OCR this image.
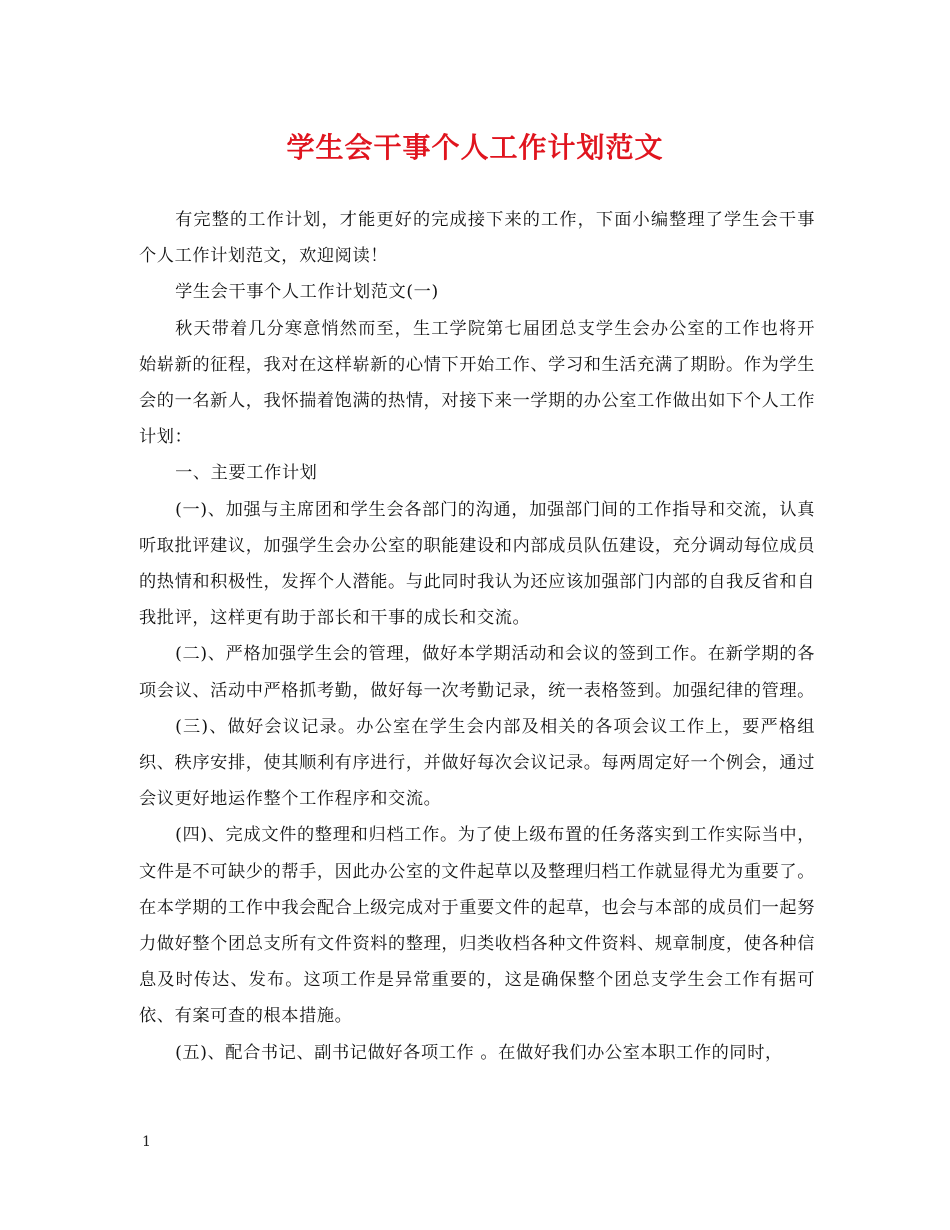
学生会干事个人工作计划范文

有完整的工作计划，才能更好的完成接下来的工作，下面小编整理了学生会干事个人工作计划范文，欢迎阅读！

学生会干事个人工作计划范文(一)

秋天带着几分寒意悄然而至，生工学院第七届团总支学生会办公室的工作也将开始崭新的征程，我对在这样崭新的心情下开始工作、学习和生活充满了期盼。作为学生会的一名新人，我怀揣着饱满的热情，对接下来一学期的办公室工作做出如下个人工作计划：

一、主要工作计划

(一)、加强与主席团和学生会各部门的沟通，加强部门间的工作指导和交流，认真听取批评建议，加强学生会办公室的职能建设和内部成员队伍建设，充分调动每位成员的热情和积极性，发挥个人潜能。与此同时我认为还应该加强部门内部的自我反省和自我批评，这样更有助于部长和干事的成长和交流。

(二)、严格加强学生会的管理，做好本学期活动和会议的签到工作。在新学期的各项会议、活动中严格抓考勤，做好每一次考勤记录，统一表格签到。加强纪律的管理。

(三)、做好会议记录。办公室在学生会内部及相关的各项会议工作上，要严格组织、秩序安排，使其顺利有序进行，并做好每次会议记录。每两周定好一个例会，通过会议更好地运作整个工作程序和交流。

(四)、完成文件的整理和归档工作。为了使上级布置的任务落实到工作实际当中，文件是不可缺少的帮手，因此办公室的文件起草以及整理归档工作就显得尤为重要了。在本学期的工作中我会配合上级完成对于重要文件的起草，也会与本部的成员们一起努力做好整个团总支所有文件资料的整理，归类收档各种文件资料、规章制度，使各种信息及时传达、发布。这项工作是异常重要的，这是确保整个团总支学生会工作有据可依、有案可查的根本措施。

(五)、配合书记、副书记做好各项工作 。在做好我们办公室本职工作的同时，

1
